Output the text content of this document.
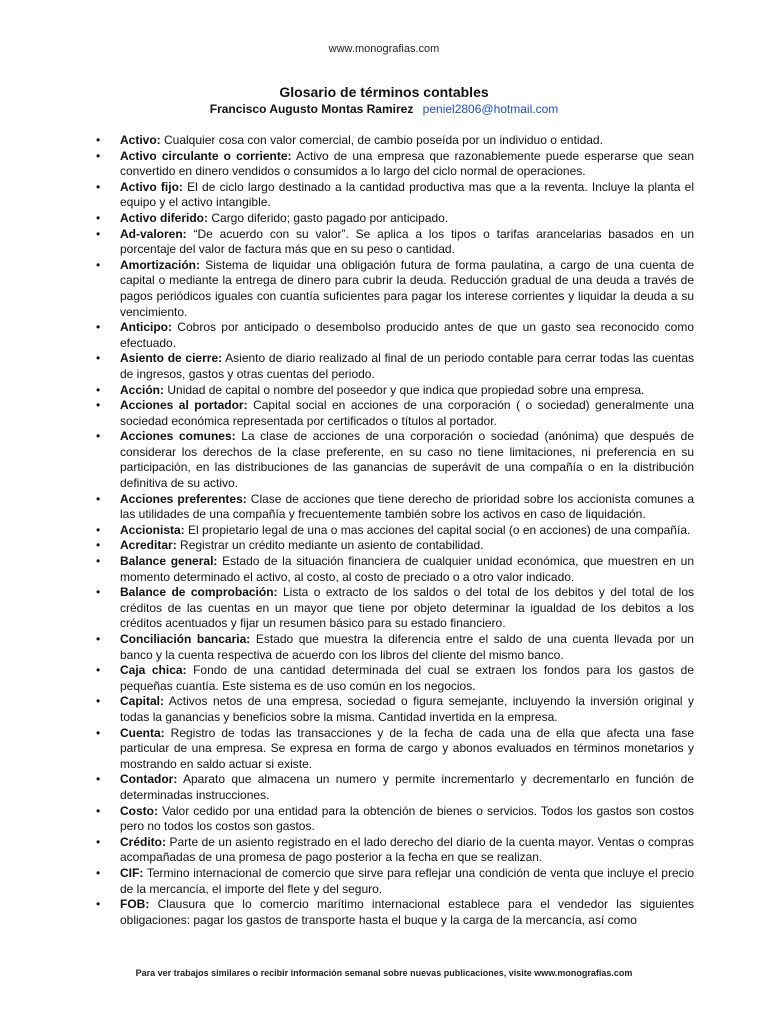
www.monografias.com
Glosario de términos contables
Francisco Augusto Montas Ramirez peniel2806@hotmail.com
• Activo: Cualquier cosa con valor comercial, de cambio poseída por un individuo o entidad.
• Activo circulante o corriente: Activo de una empresa que razonablemente puede esperarse que sean convertido en dinero vendidos o consumidos a lo largo del ciclo normal de operaciones.
• Activo fijo: El de ciclo largo destinado a la cantidad productiva mas que a la reventa. Incluye la planta el equipo y el activo intangible.
• Activo diferido: Cargo diferido; gasto pagado por anticipado.
• Ad-valoren: “De acuerdo con su valor”. Se aplica a los tipos o tarifas arancelarias basados en un porcentaje del valor de factura más que en su peso o cantidad.
• Amortización: Sistema de liquidar una obligación futura de forma paulatina, a cargo de una cuenta de capital o mediante la entrega de dinero para cubrir la deuda. Reducción gradual de una deuda a través de pagos periódicos iguales con cuantía suficientes para pagar los interese corrientes y liquidar la deuda a su vencimiento.
• Anticipo: Cobros por anticipado o desembolso producido antes de que un gasto sea reconocido como efectuado.
• Asiento de cierre: Asiento de diario realizado al final de un periodo contable para cerrar todas las cuentas de ingresos, gastos y otras cuentas del periodo.
• Acción: Unidad de capital o nombre del poseedor y que indica que propiedad sobre una empresa.
• Acciones al portador: Capital social en acciones de una corporación ( o sociedad) generalmente una sociedad económica representada por certificados o títulos al portador.
• Acciones comunes: La clase de acciones de una corporación o sociedad (anónima) que después de considerar los derechos de la clase preferente, en su caso no tiene limitaciones, ni preferencia en su participación, en las distribuciones de las ganancias de superávit de una compañía o en la distribución definitiva de su activo.
• Acciones preferentes: Clase de acciones que tiene derecho de prioridad sobre los accionista comunes a las utilidades de una compañía y frecuentemente también sobre los activos en caso de liquidación.
• Accionista: El propietario legal de una o mas acciones del capital social (o en acciones) de una compañía.
• Acreditar: Registrar un crédito mediante un asiento de contabilidad.
• Balance general: Estado de la situación financiera de cualquier unidad económica, que muestren en un momento determinado el activo, al costo, al costo de preciado o a otro valor indicado.
• Balance de comprobación: Lista o extracto de los saldos o del total de los debitos y del total de los créditos de las cuentas en un mayor que tiene por objeto determinar la igualdad de los debitos a los créditos acentuados y fijar un resumen básico para su estado financiero.
• Conciliación bancaria: Estado que muestra la diferencia entre el saldo de una cuenta llevada por un banco y la cuenta respectiva de acuerdo con los libros del cliente del mismo banco.
• Caja chica: Fondo de una cantidad determinada del cual se extraen los fondos para los gastos de pequeñas cuantía. Este sistema es de uso común en los negocios.
• Capital: Activos netos de una empresa, sociedad o figura semejante, incluyendo la inversión original y todas la ganancias y beneficios sobre la misma. Cantidad invertida en la empresa.
• Cuenta: Registro de todas las transacciones y de la fecha de cada una de ella que afecta una fase particular de una empresa. Se expresa en forma de cargo y abonos evaluados en términos monetarios y mostrando en saldo actuar si existe.
• Contador: Aparato que almacena un numero y permite incrementarlo y decrementarlo en función de determinadas instrucciones.
• Costo: Valor cedido por una entidad para la obtención de bienes o servicios. Todos los gastos son costos pero no todos los costos son gastos.
• Crédito: Parte de un asiento registrado en el lado derecho del diario de la cuenta mayor. Ventas o compras acompañadas de una promesa de pago posterior a la fecha en que se realizan.
• CIF: Termino internacional de comercio que sirve para reflejar una condición de venta que incluye el precio de la mercancía, el importe del flete y del seguro.
• FOB: Clausura que lo comercio marítimo internacional establece para el vendedor las siguientes obligaciones: pagar los gastos de transporte hasta el buque y la carga de la mercancía, así como
Para ver trabajos similares o recibir información semanal sobre nuevas publicaciones, visite www.monografias.com
